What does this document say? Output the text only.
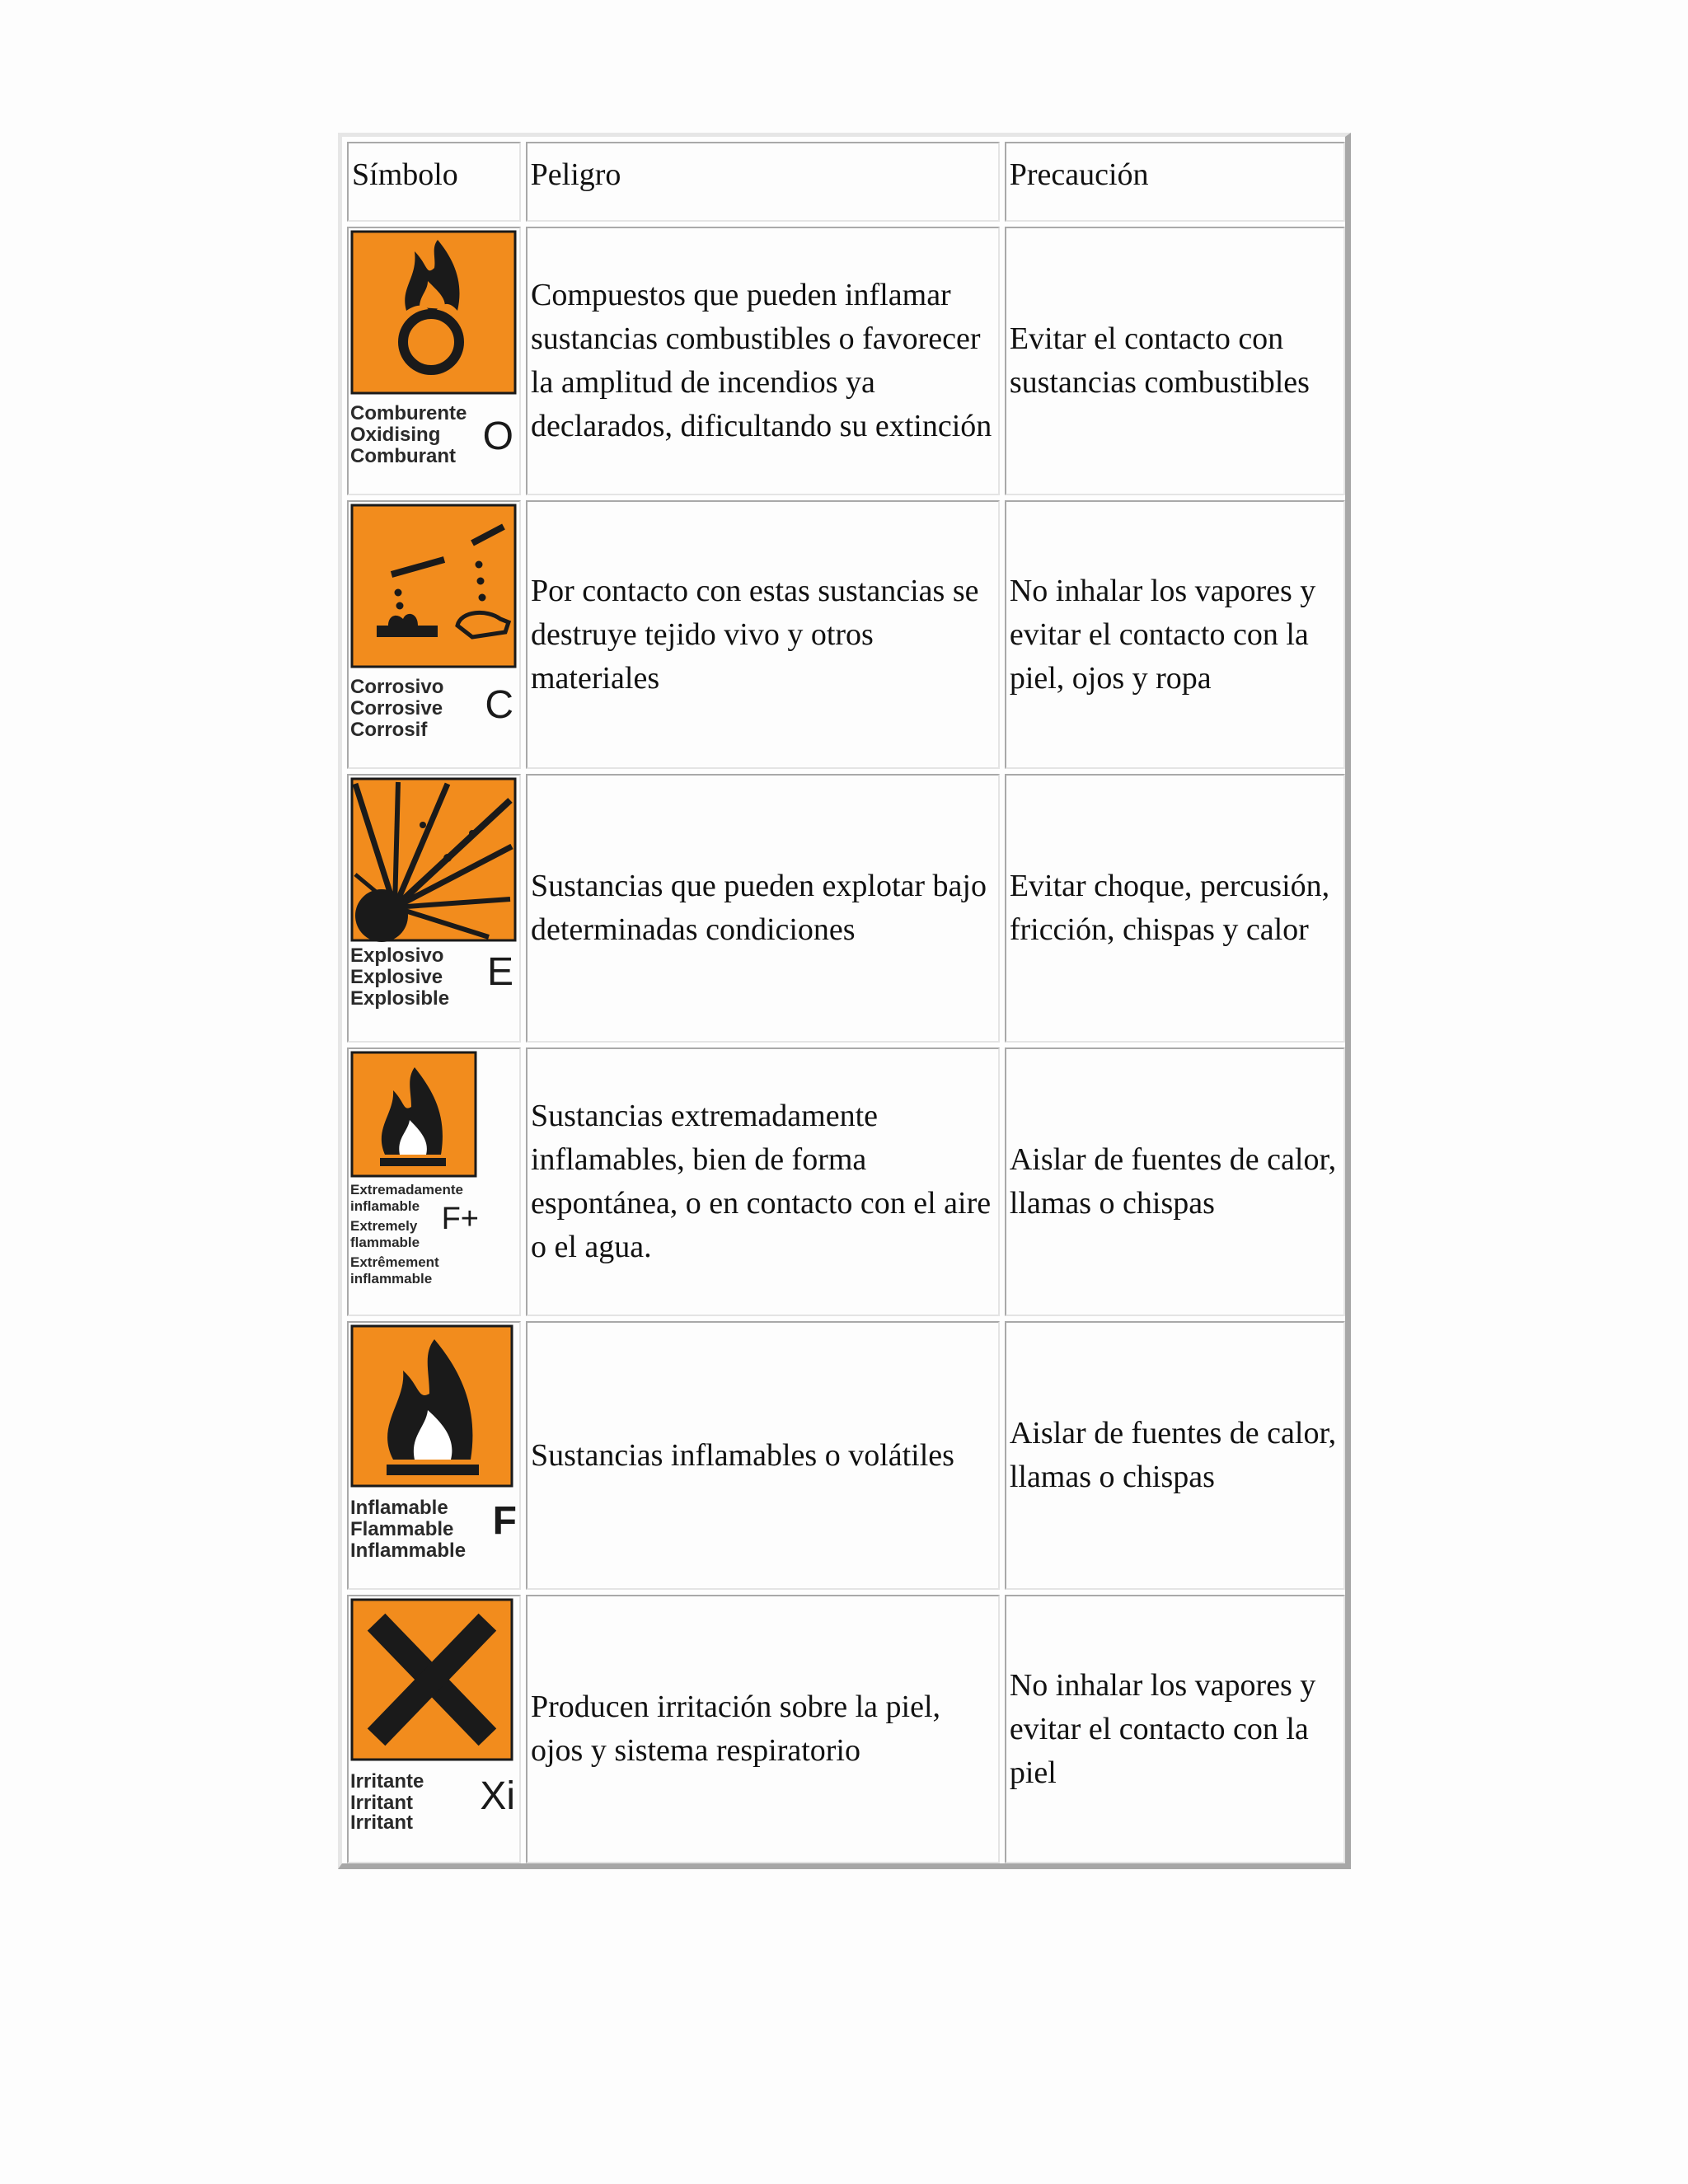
Símbolo	Peligro	Precaución
Comburente
Oxidising
Comburant O
Compuestos que pueden inflamar sustancias combustibles o favorecer la amplitud de incendios ya declarados, dificultando su extinción
Evitar el contacto con sustancias combustibles
Corrosivo
Corrosive
Corrosif
C
Por contacto con estas sustancias se destruye tejido vivo y otros materiales
No inhalar los vapores y evitar el contacto con la piel, ojos y ropa
Explosivo
Explosive
Explosible
E
Sustancias que pueden explotar bajo determinadas condiciones
Evitar choque, percusión, fricción, chispas y calor
Extremadamente
inflamable
Extremely
flammable
Extrêmement
inflammable
F+
Sustancias extremadamente inflamables, bien de forma espontánea, o en contacto con el aire o el agua.
Aislar de fuentes de calor, llamas o chispas
Inflamable
Flammable
Inflammable
F
Sustancias inflamables o volátiles
Aislar de fuentes de calor, llamas o chispas
Irritante
Irritant
Irritant
Xi
Producen irritación sobre la piel, ojos y sistema respiratorio
No inhalar los vapores y evitar el contacto con la piel
